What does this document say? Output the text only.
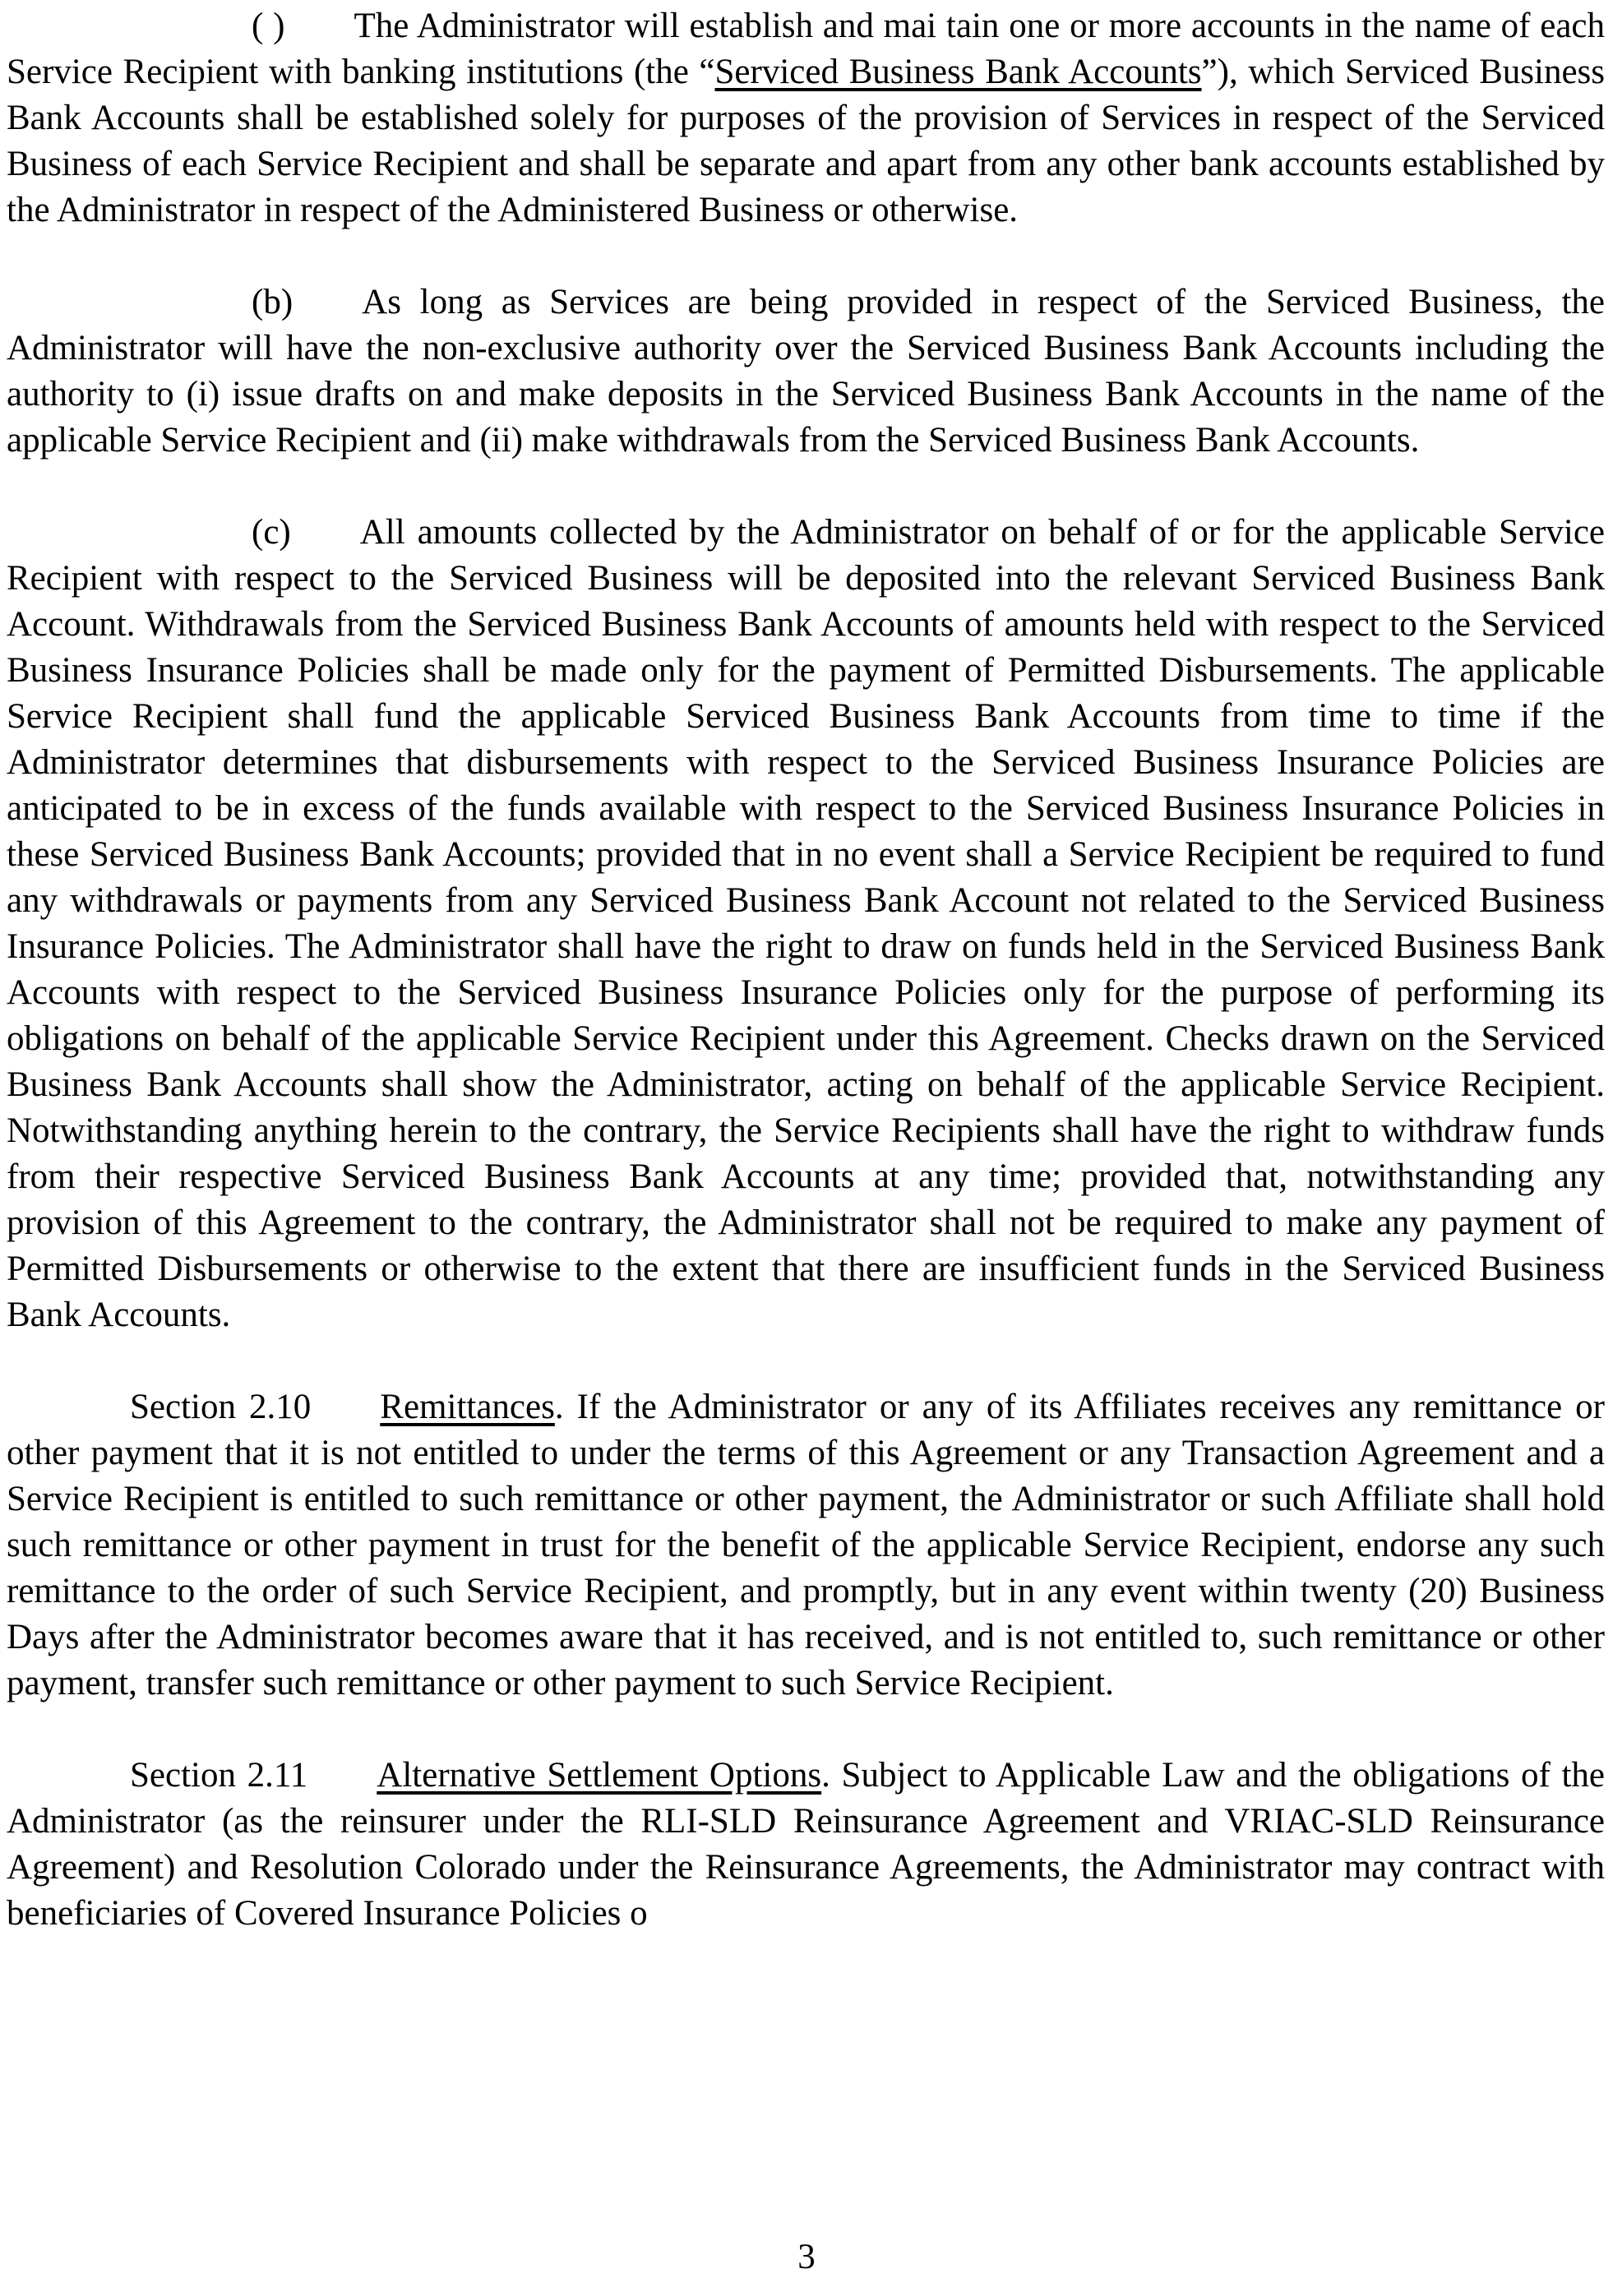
( ) The Administrator will establish and mai tain one or more accounts in the name of each Service Recipient with banking institutions (the “Serviced Business Bank Accounts”), which Serviced Business Bank Accounts shall be established solely for purposes of the provision of Services in respect of the Serviced Business of each Service Recipient and shall be separate and apart from any other bank accounts established by the Administrator in respect of the Administered Business or otherwise.

(b) As long as Services are being provided in respect of the Serviced Business, the Administrator will have the non-exclusive authority over the Serviced Business Bank Accounts including the authority to (i) issue drafts on and make deposits in the Serviced Business Bank Accounts in the name of the applicable Service Recipient and (ii) make withdrawals from the Serviced Business Bank Accounts.

(c) All amounts collected by the Administrator on behalf of or for the applicable Service Recipient with respect to the Serviced Business will be deposited into the relevant Serviced Business Bank Account. Withdrawals from the Serviced Business Bank Accounts of amounts held with respect to the Serviced Business Insurance Policies shall be made only for the payment of Permitted Disbursements. The applicable Service Recipient shall fund the applicable Serviced Business Bank Accounts from time to time if the Administrator determines that disbursements with respect to the Serviced Business Insurance Policies are anticipated to be in excess of the funds available with respect to the Serviced Business Insurance Policies in these Serviced Business Bank Accounts; provided that in no event shall a Service Recipient be required to fund any withdrawals or payments from any Serviced Business Bank Account not related to the Serviced Business Insurance Policies. The Administrator shall have the right to draw on funds held in the Serviced Business Bank Accounts with respect to the Serviced Business Insurance Policies only for the purpose of performing its obligations on behalf of the applicable Service Recipient under this Agreement. Checks drawn on the Serviced Business Bank Accounts shall show the Administrator, acting on behalf of the applicable Service Recipient. Notwithstanding anything herein to the contrary, the Service Recipients shall have the right to withdraw funds from their respective Serviced Business Bank Accounts at any time; provided that, notwithstanding any provision of this Agreement to the contrary, the Administrator shall not be required to make any payment of Permitted Disbursements or otherwise to the extent that there are insufficient funds in the Serviced Business Bank Accounts.

Section 2.10 Remittances. If the Administrator or any of its Affiliates receives any remittance or other payment that it is not entitled to under the terms of this Agreement or any Transaction Agreement and a Service Recipient is entitled to such remittance or other payment, the Administrator or such Affiliate shall hold such remittance or other payment in trust for the benefit of the applicable Service Recipient, endorse any such remittance to the order of such Service Recipient, and promptly, but in any event within twenty (20) Business Days after the Administrator becomes aware that it has received, and is not entitled to, such remittance or other payment, transfer such remittance or other payment to such Service Recipient.

Section 2.11 Alternative Settlement Options. Subject to Applicable Law and the obligations of the Administrator (as the reinsurer under the RLI-SLD Reinsurance Agreement and VRIAC-SLD Reinsurance Agreement) and Resolution Colorado under the Reinsurance Agreements, the Administrator may contract with beneficiaries of Covered Insurance Policies o

3
